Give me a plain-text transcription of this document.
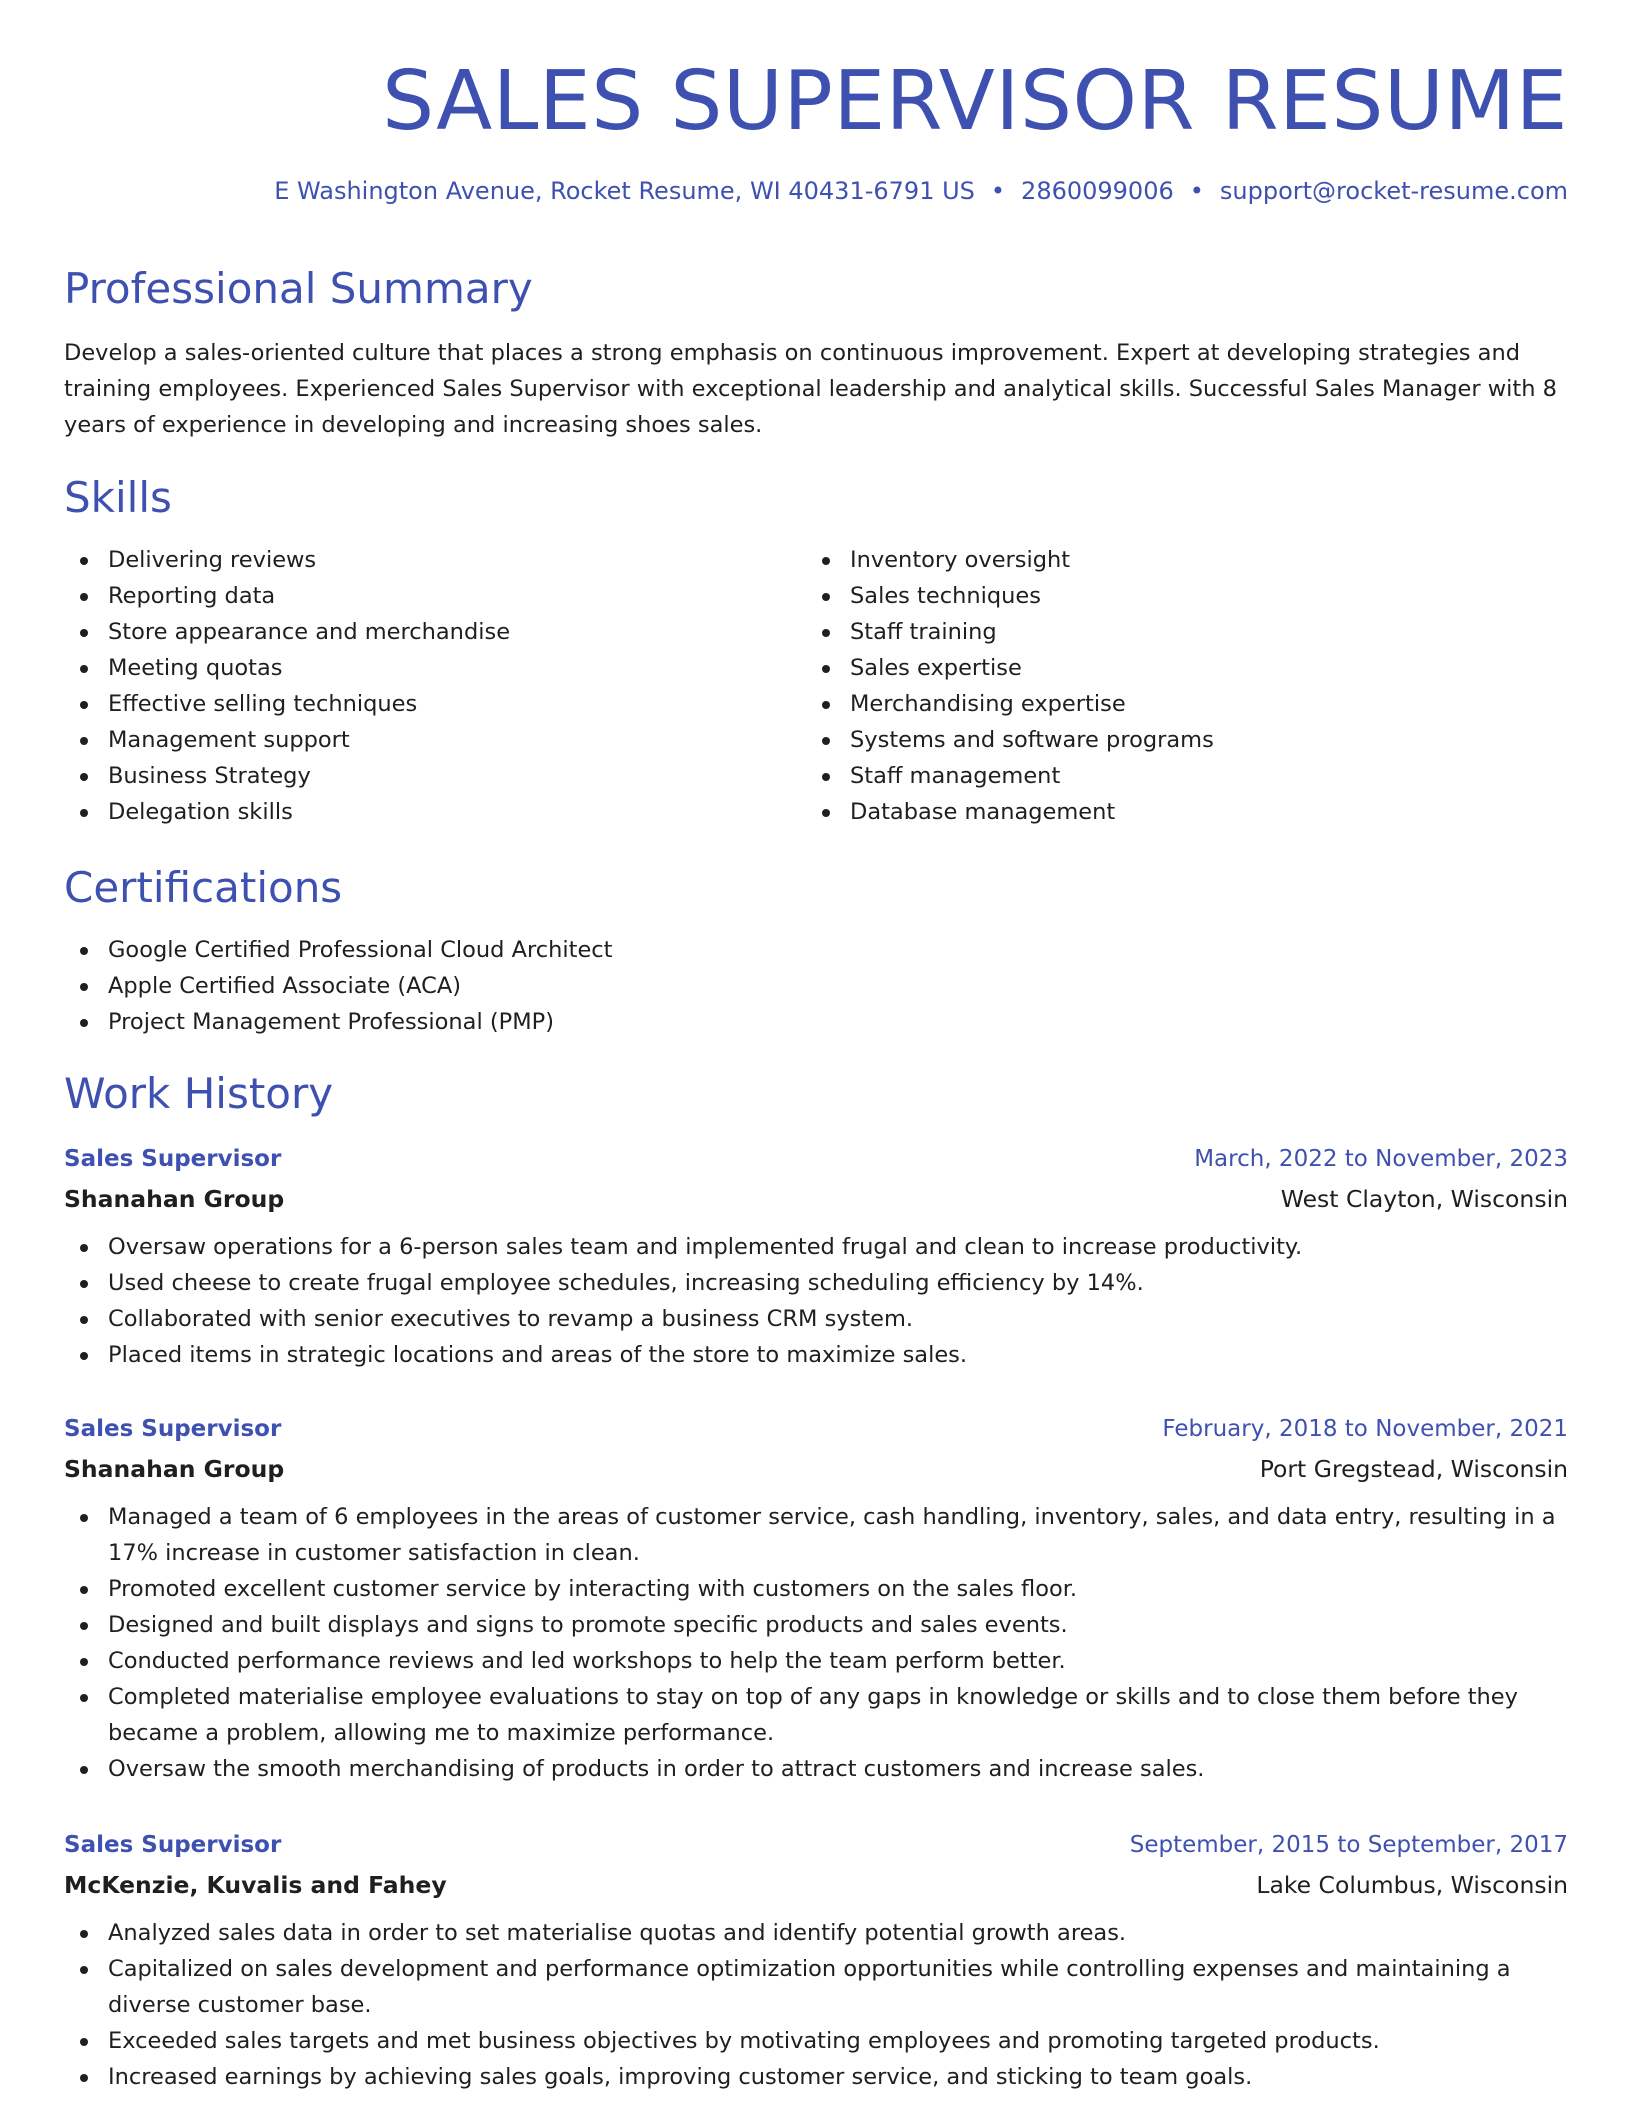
SALES SUPERVISOR RESUME
E Washington Avenue, Rocket Resume, WI 40431-6791 US • 2860099006 • support@rocket-resume.com
Professional Summary

Develop a sales-oriented culture that places a strong emphasis on continuous improvement. Expert at developing strategies and training employees. Experienced Sales Supervisor with exceptional leadership and analytical skills. Successful Sales Manager with 8 years of experience in developing and increasing shoes sales.

Skills
Delivering reviews
Reporting data
Store appearance and merchandise
Meeting quotas
Effective selling techniques
Management support
Business Strategy
Delegation skills
Inventory oversight
Sales techniques
Staff training
Sales expertise
Merchandising expertise
Systems and software programs
Staff management
Database management
Certifications
Google Certified Professional Cloud Architect
Apple Certified Associate (ACA)
Project Management Professional (PMP)
Work History
Sales Supervisor	March, 2022 to November, 2023
Shanahan Group	West Clayton, Wisconsin
Oversaw operations for a 6-person sales team and implemented frugal and clean to increase productivity.
Used cheese to create frugal employee schedules, increasing scheduling efficiency by 14%.
Collaborated with senior executives to revamp a business CRM system.
Placed items in strategic locations and areas of the store to maximize sales.
Sales Supervisor	February, 2018 to November, 2021
Shanahan Group	Port Gregstead, Wisconsin
Managed a team of 6 employees in the areas of customer service, cash handling, inventory, sales, and data entry, resulting in a 17% increase in customer satisfaction in clean.
Promoted excellent customer service by interacting with customers on the sales floor.
Designed and built displays and signs to promote specific products and sales events.
Conducted performance reviews and led workshops to help the team perform better.
Completed materialise employee evaluations to stay on top of any gaps in knowledge or skills and to close them before they became a problem, allowing me to maximize performance.
Oversaw the smooth merchandising of products in order to attract customers and increase sales.
Sales Supervisor	September, 2015 to September, 2017
McKenzie, Kuvalis and Fahey	Lake Columbus, Wisconsin
Analyzed sales data in order to set materialise quotas and identify potential growth areas.
Capitalized on sales development and performance optimization opportunities while controlling expenses and maintaining a diverse customer base.
Exceeded sales targets and met business objectives by motivating employees and promoting targeted products.
Increased earnings by achieving sales goals, improving customer service, and sticking to team goals.
